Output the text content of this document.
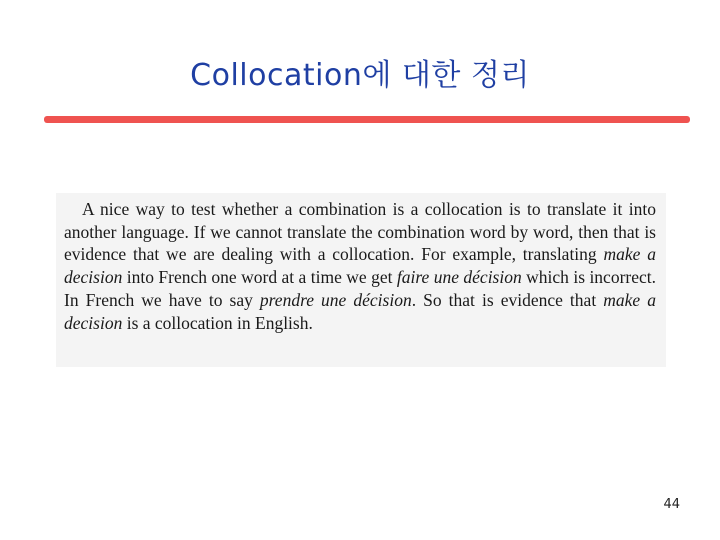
Collocation에 대한 정리

A nice way to test whether a combination is a collocation is to translate it into another language. If we cannot translate the combination word by word, then that is evidence that we are dealing with a collocation. For example, translating make a decision into French one word at a time we get faire une décision which is incorrect. In French we have to say prendre une décision. So that is evidence that make a decision is a collocation in English.

44
